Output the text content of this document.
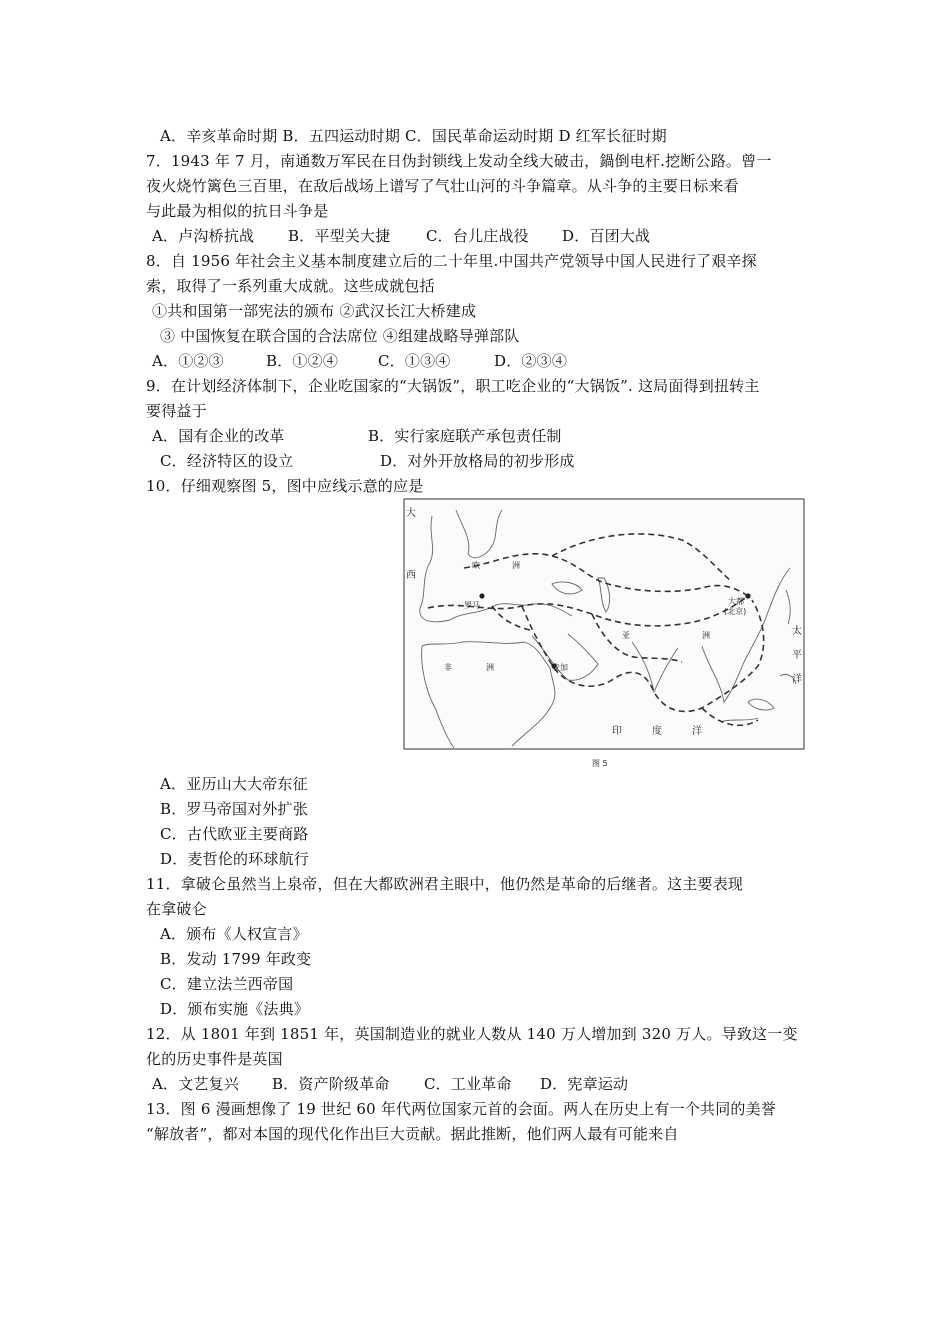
A．辛亥革命时期 B．五四运动时期 C．国民革命运动时期 D 红军长征时期
7．1943 年 7 月，南通数万军民在日伪封锁线上发动全线大破击，鍋倒电杆.挖断公路。曾一
夜火烧竹篱色三百里，在敌后战场上谱写了气壮山河的斗争篇章。从斗争的主要日标来看
与此最为相似的抗日斗争是
A．卢沟桥抗战 B．平型关大捷 C．台儿庄战役 D．百团大战
8．自 1956 年社会主义基本制度建立后的二十年里.中国共产党领导中国人民进行了艰辛探
索，取得了一系列重大成就。这些成就包括
①共和国第一部宪法的颁布 ②武汉长江大桥建成
③ 中国恢复在联合国的合法席位 ④组建战略导弹部队
A．①②③	B．①②④	C．①③④	D．②③④
9．在计划经济体制下，企业吃国家的“大锅饭”，职工吃企业的“大锅饭”. 这局面得到扭转主
要得益于
A．国有企业的改革	B．实行家庭联产承包责任制
C．经济特区的设立	D．对外开放格局的初步形成
10．仔细观察图 5，图中应线示意的应是
大
西
欧	洲
罗马
麦加
非	洲
亚	洲
大都
(北京)
太
平
洋
印	度	洋
图 5
A．亚历山大大帝东征
B．罗马帝国对外扩张
C．古代欧亚主要商路
D．麦哲伦的环球航行
11．拿破仑虽然当上泉帝，但在大都欧洲君主眼中，他仍然是革命的后继者。这主要表现
在拿破仑
A．颁布《人权宣言》
B．发动 1799 年政变
C．建立法兰西帝国
D．颁布实施《法典》
12．从 1801 年到 1851 年，英国制造业的就业人数从 140 万人增加到 320 万人。导致这一变
化的历史事件是英国
A．文艺复兴 B．资产阶级革命 C．工业革命 D．宪章运动
13．图 6 漫画想像了 19 世纪 60 年代两位国家元首的会面。两人在历史上有一个共同的美誉
“解放者”，都对本国的现代化作出巨大贡献。据此推断，他们两人最有可能来自
